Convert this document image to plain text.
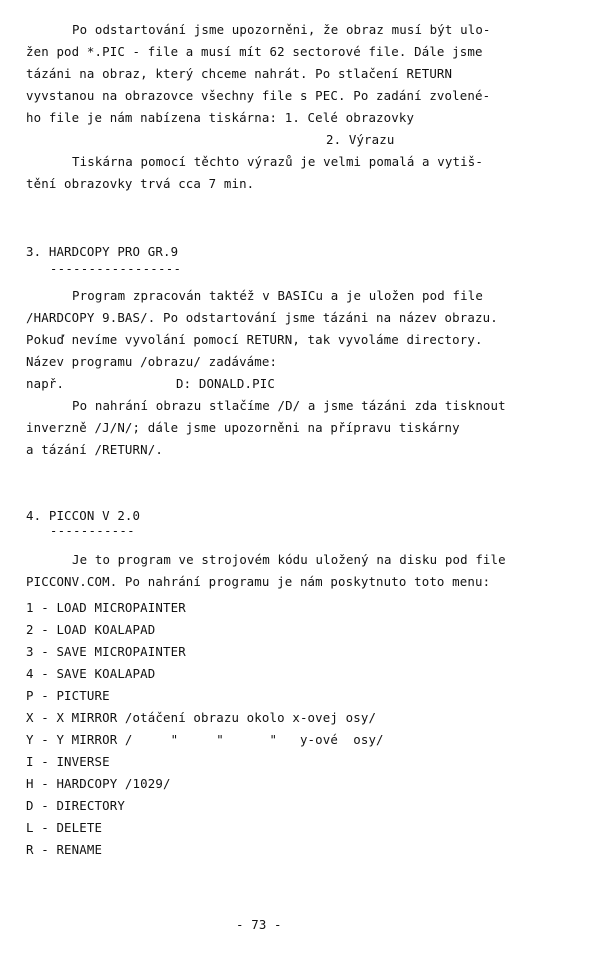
Po odstartování jsme upozorněni, že obraz musí být ulo-
žen pod *.PIC - file a musí mít 62 sectorové file. Dále jsme
tázáni na obraz, který chceme nahrát. Po stlačení RETURN
vyvstanou na obrazovce všechny file s PEC. Po zadání zvolené-
ho file je nám nabízena tiskárna: 1. Celé obrazovky
2. Výrazu
Tiskárna pomocí těchto výrazů je velmi pomalá a vytiš-
tění obrazovky trvá cca 7 min.
3. HARDCOPY PRO GR.9
-----------------
Program zpracován taktéž v BASICu a je uložen pod file
/HARDCOPY 9.BAS/. Po odstartování jsme tázáni na název obrazu.
Pokuď nevíme vyvolání pomocí RETURN, tak vyvoláme directory.
Název programu /obrazu/ zadáváme:
např.	D: DONALD.PIC
Po nahrání obrazu stlačíme /D/ a jsme tázáni zda tisknout
inverzně /J/N/; dále jsme upozorněni na přípravu tiskárny
a tázání /RETURN/.
4. PICCON V 2.0
-----------
Je to program ve strojovém kódu uložený na disku pod file
PICCONV.COM. Po nahrání programu je nám poskytnuto toto menu:
1 - LOAD MICROPAINTER
2 - LOAD KOALAPAD
3 - SAVE MICROPAINTER
4 - SAVE KOALAPAD
P - PICTURE
X - X MIRROR /otáčení obrazu okolo x-ovej osy/
Y - Y MIRROR /     "     "      "   y-ové  osy/
I - INVERSE
H - HARDCOPY /1029/
D - DIRECTORY
L - DELETE
R - RENAME
- 73 -
